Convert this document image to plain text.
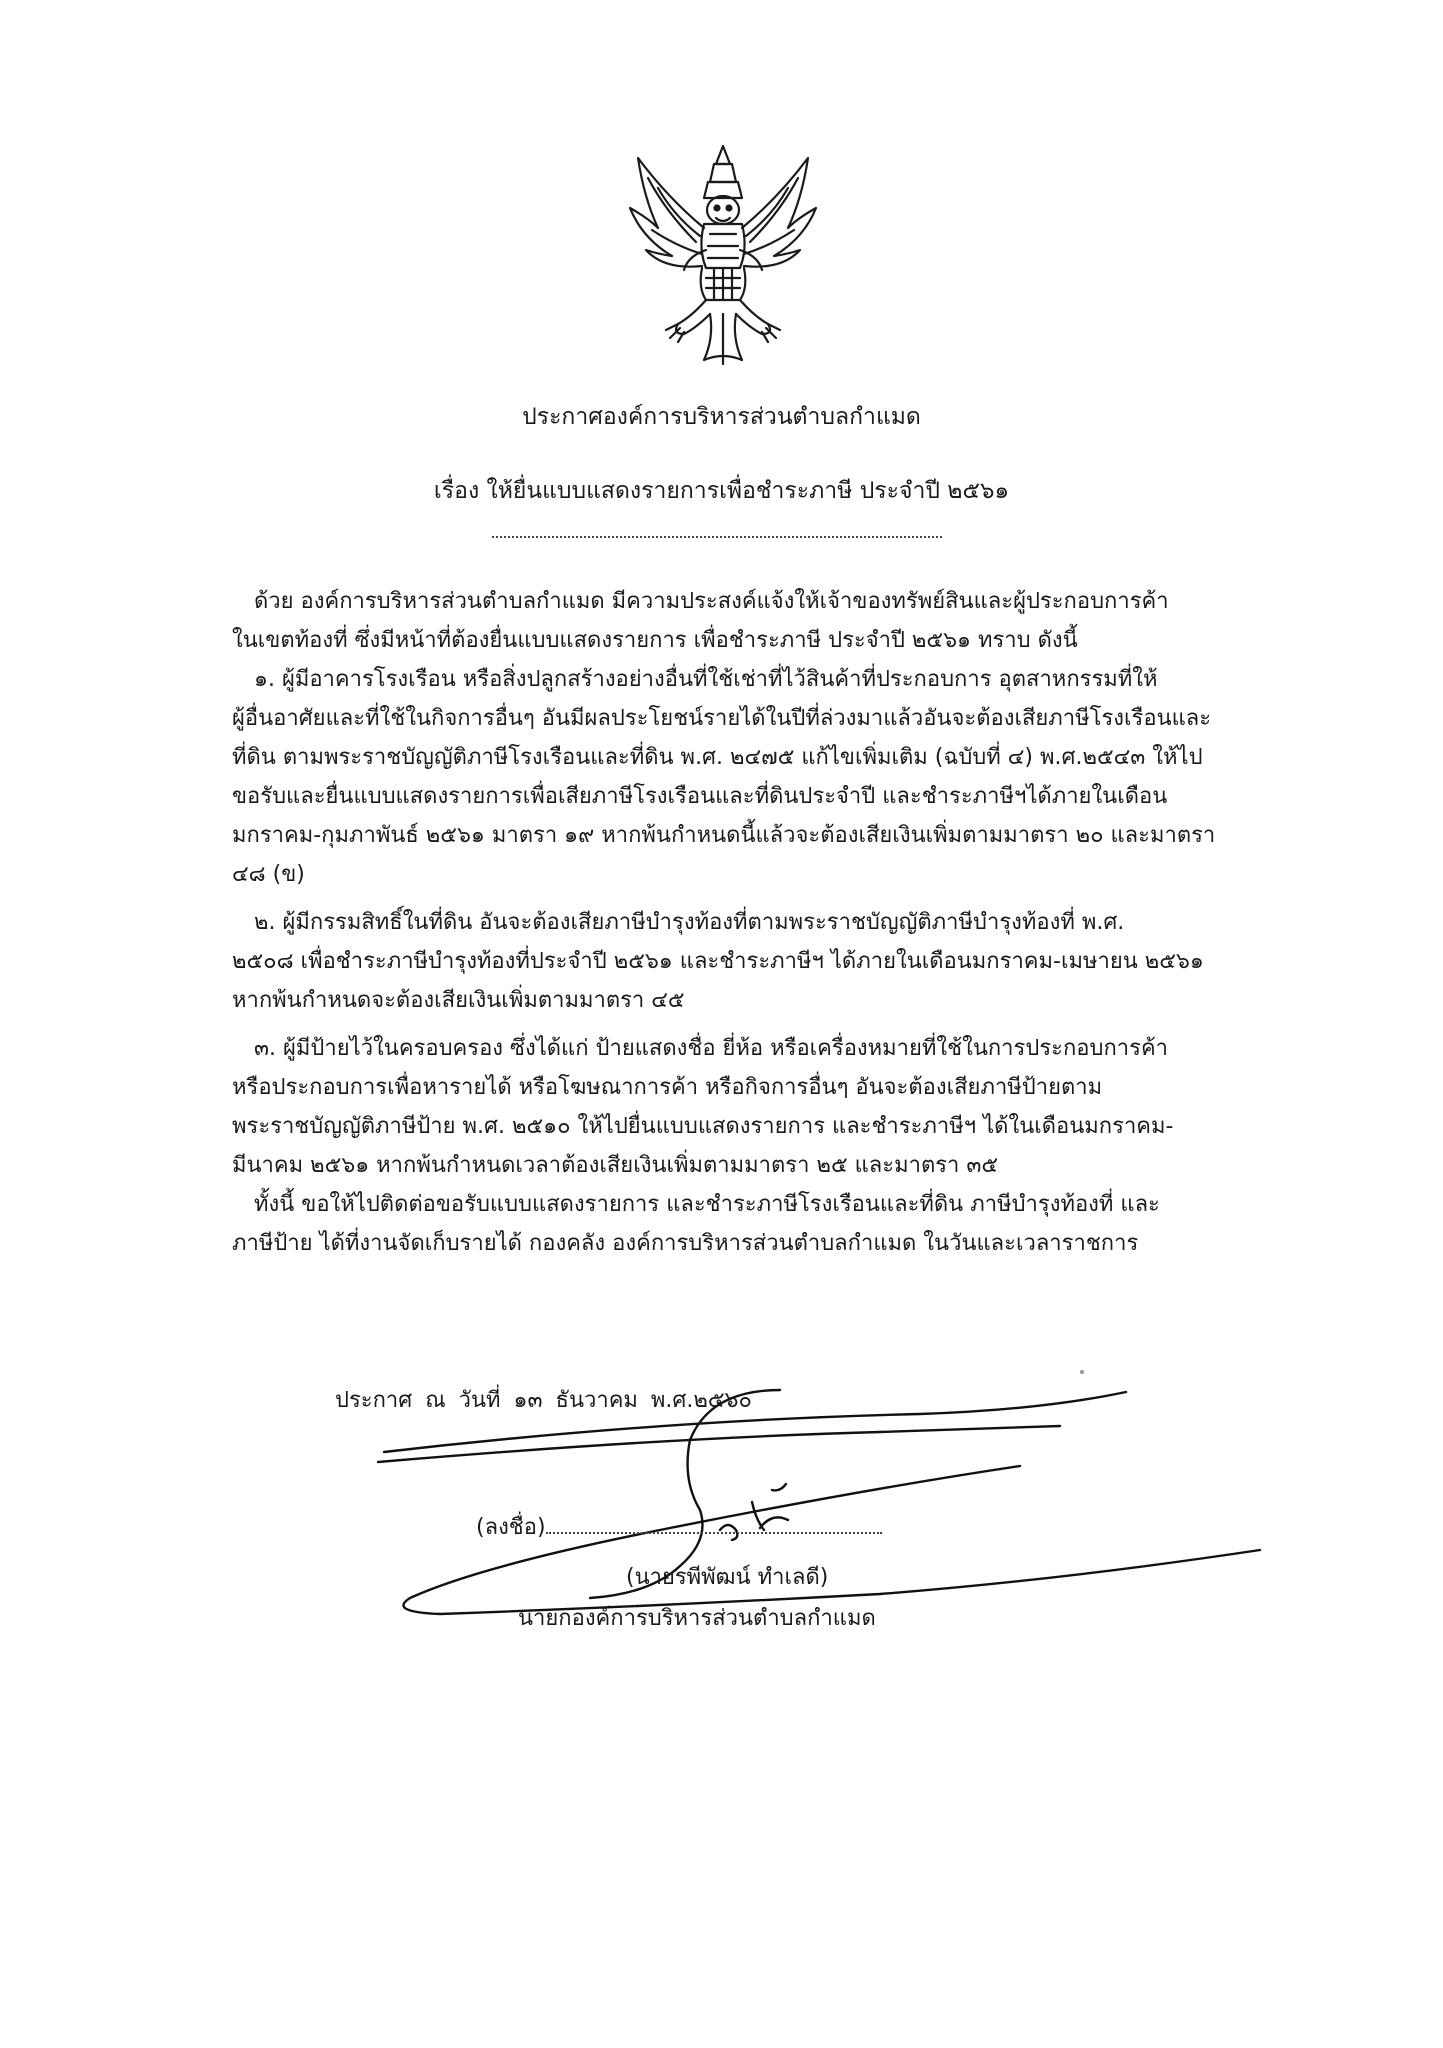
ประกาศองค์การบริหารส่วนตำบลกำแมด
เรื่อง ให้ยื่นแบบแสดงรายการเพื่อชำระภาษี ประจำปี ๒๕๖๑
ด้วย องค์การบริหารส่วนตำบลกำแมด มีความประสงค์แจ้งให้เจ้าของทรัพย์สินและผู้ประกอบการค้า
ในเขตท้องที่ ซึ่งมีหน้าที่ต้องยื่นแบบแสดงรายการ เพื่อชำระภาษี ประจำปี ๒๕๖๑ ทราบ ดังนี้
๑. ผู้มีอาคารโรงเรือน หรือสิ่งปลูกสร้างอย่างอื่นที่ใช้เช่าที่ไว้สินค้าที่ประกอบการ อุตสาหกรรมที่ให้
ผู้อื่นอาศัยและที่ใช้ในกิจการอื่นๆ อันมีผลประโยชน์รายได้ในปีที่ล่วงมาแล้วอันจะต้องเสียภาษีโรงเรือนและ
ที่ดิน ตามพระราชบัญญัติภาษีโรงเรือนและที่ดิน พ.ศ. ๒๔๗๕ แก้ไขเพิ่มเติม (ฉบับที่ ๔) พ.ศ.๒๕๔๓ ให้ไป
ขอรับและยื่นแบบแสดงรายการเพื่อเสียภาษีโรงเรือนและที่ดินประจำปี และชำระภาษีฯได้ภายในเดือน
มกราคม-กุมภาพันธ์ ๒๕๖๑ มาตรา ๑๙ หากพ้นกำหนดนี้แล้วจะต้องเสียเงินเพิ่มตามมาตรา ๒๐ และมาตรา
๔๘ (ข)
๒. ผู้มีกรรมสิทธิ์ในที่ดิน อันจะต้องเสียภาษีบำรุงท้องที่ตามพระราชบัญญัติภาษีบำรุงท้องที่ พ.ศ.
๒๕๐๘ เพื่อชำระภาษีบำรุงท้องที่ประจำปี ๒๕๖๑ และชำระภาษีฯ ได้ภายในเดือนมกราคม-เมษายน ๒๕๖๑
หากพ้นกำหนดจะต้องเสียเงินเพิ่มตามมาตรา ๔๕
๓. ผู้มีป้ายไว้ในครอบครอง ซึ่งได้แก่ ป้ายแสดงชื่อ ยี่ห้อ หรือเครื่องหมายที่ใช้ในการประกอบการค้า
หรือประกอบการเพื่อหารายได้ หรือโฆษณาการค้า หรือกิจการอื่นๆ อันจะต้องเสียภาษีป้ายตาม
พระราชบัญญัติภาษีป้าย พ.ศ. ๒๕๑๐ ให้ไปยื่นแบบแสดงรายการ และชำระภาษีฯ ได้ในเดือนมกราคม-
มีนาคม ๒๕๖๑ หากพ้นกำหนดเวลาต้องเสียเงินเพิ่มตามมาตรา ๒๕ และมาตรา ๓๕
ทั้งนี้ ขอให้ไปติดต่อขอรับแบบแสดงรายการ และชำระภาษีโรงเรือนและที่ดิน ภาษีบำรุงท้องที่ และ
ภาษีป้าย ได้ที่งานจัดเก็บรายได้ กองคลัง องค์การบริหารส่วนตำบลกำแมด ในวันและเวลาราชการ
ประกาศ ณ วันที่ ๑๓ ธันวาคม พ.ศ.๒๕๖๐
(ลงชื่อ)
(นายรพีพัฒน์ ทำเลดี)
นายกองค์การบริหารส่วนตำบลกำแมด
